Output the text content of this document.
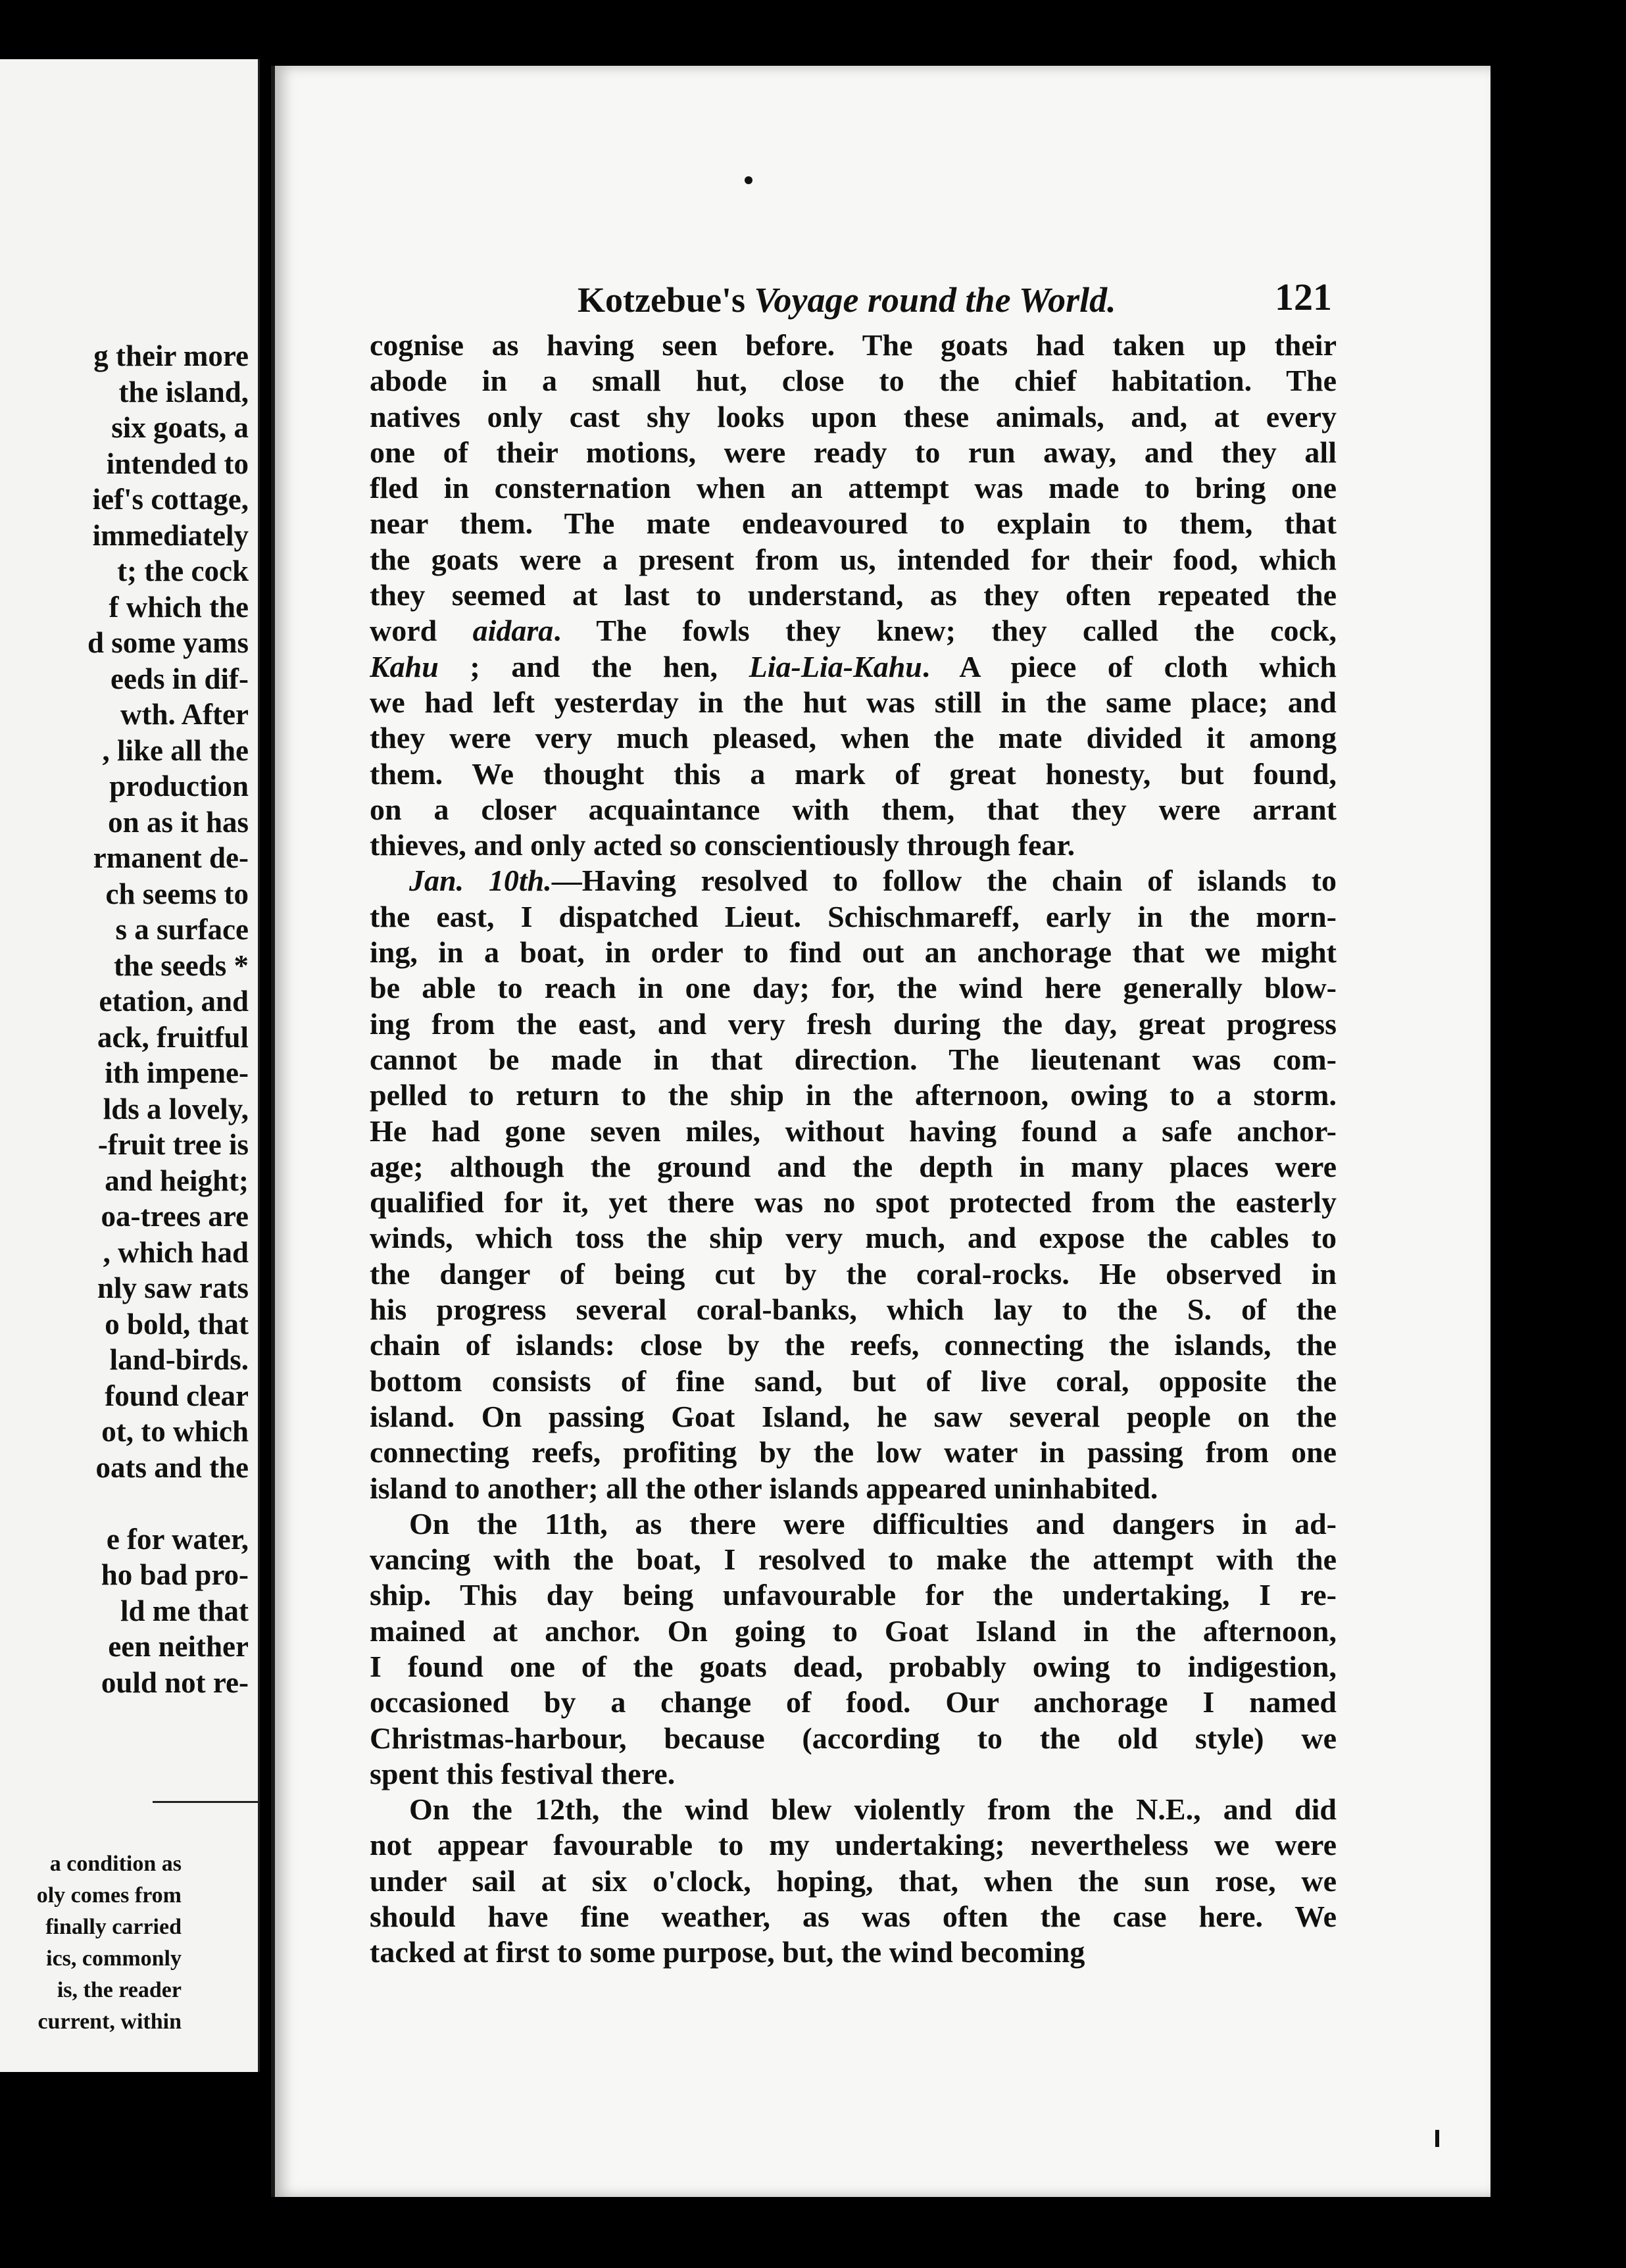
g their more
the island,
six goats, a
intended to
ief's cottage,
immediately
t; the cock
f which the
d some yams
eeds in dif-
wth. After
, like all the
production
on as it has
rmanent de-
ch seems to
s a surface
the seeds *
etation, and
ack, fruitful
ith impene-
lds a lovely,
-fruit tree is
and height;
oa-trees are
, which had
nly saw rats
o bold, that
land-birds.
found clear
ot, to which
oats and the
e for water,
ho bad pro-
ld me that
een neither
ould not re-
a condition as
oly comes from
finally carried
ics, commonly
is, the reader
current, within
Kotzebue's Voyage round the World.	121
cognise as having seen before. The goats had taken up their
abode in a small hut, close to the chief habitation. The
natives only cast shy looks upon these animals, and, at every
one of their motions, were ready to run away, and they all
fled in consternation when an attempt was made to bring one
near them. The mate endeavoured to explain to them, that
the goats were a present from us, intended for their food, which
they seemed at last to understand, as they often repeated the
word aidara. The fowls they knew; they called the cock,
Kahu ; and the hen, Lia-Lia-Kahu. A piece of cloth which
we had left yesterday in the hut was still in the same place; and
they were very much pleased, when the mate divided it among
them. We thought this a mark of great honesty, but found,
on a closer acquaintance with them, that they were arrant
thieves, and only acted so conscientiously through fear.
Jan. 10th.—Having resolved to follow the chain of islands to
the east, I dispatched Lieut. Schischmareff, early in the morn-
ing, in a boat, in order to find out an anchorage that we might
be able to reach in one day; for, the wind here generally blow-
ing from the east, and very fresh during the day, great progress
cannot be made in that direction. The lieutenant was com-
pelled to return to the ship in the afternoon, owing to a storm.
He had gone seven miles, without having found a safe anchor-
age; although the ground and the depth in many places were
qualified for it, yet there was no spot protected from the easterly
winds, which toss the ship very much, and expose the cables to
the danger of being cut by the coral-rocks. He observed in
his progress several coral-banks, which lay to the S. of the
chain of islands: close by the reefs, connecting the islands, the
bottom consists of fine sand, but of live coral, opposite the
island. On passing Goat Island, he saw several people on the
connecting reefs, profiting by the low water in passing from one
island to another; all the other islands appeared uninhabited.
On the 11th, as there were difficulties and dangers in ad-
vancing with the boat, I resolved to make the attempt with the
ship. This day being unfavourable for the undertaking, I re-
mained at anchor. On going to Goat Island in the afternoon,
I found one of the goats dead, probably owing to indigestion,
occasioned by a change of food. Our anchorage I named
Christmas-harbour, because (according to the old style) we
spent this festival there.
On the 12th, the wind blew violently from the N.E., and did
not appear favourable to my undertaking; nevertheless we were
under sail at six o'clock, hoping, that, when the sun rose, we
should have fine weather, as was often the case here. We
tacked at first to some purpose, but, the wind becoming
